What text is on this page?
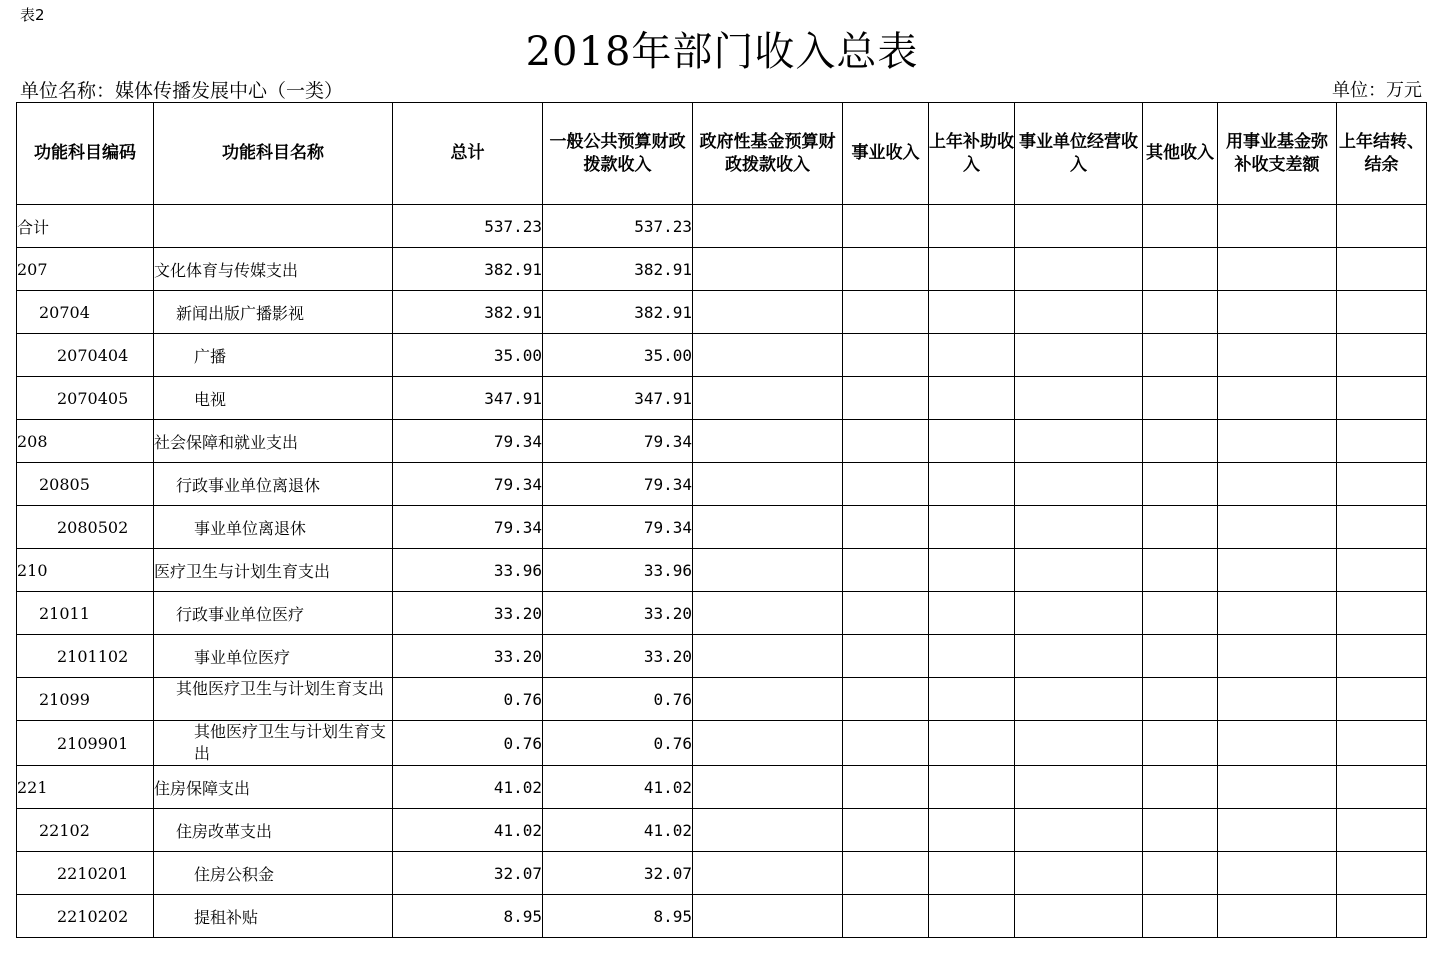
表2
2018年部门收入总表
单位名称：媒体传播发展中心（一类）	单位：万元
功能科目编码	功能科目名称	总计	一般公共预算财政拨款收入	政府性基金预算财政拨款收入	事业收入	上年补助收入	事业单位经营收入	其他收入	用事业基金弥补收支差额	上年结转、结余
合计		537.23	537.23							
207	文化体育与传媒支出	382.91	382.91							
20704	新闻出版广播影视	382.91	382.91							
2070404	广播	35.00	35.00							
2070405	电视	347.91	347.91							
208	社会保障和就业支出	79.34	79.34							
20805	行政事业单位离退休	79.34	79.34							
2080502	事业单位离退休	79.34	79.34							
210	医疗卫生与计划生育支出	33.96	33.96							
21011	行政事业单位医疗	33.20	33.20							
2101102	事业单位医疗	33.20	33.20							
21099	其他医疗卫生与计划生育支出	0.76	0.76							
2109901	其他医疗卫生与计划生育支出	0.76	0.76							
221	住房保障支出	41.02	41.02							
22102	住房改革支出	41.02	41.02							
2210201	住房公积金	32.07	32.07							
2210202	提租补贴	8.95	8.95							
